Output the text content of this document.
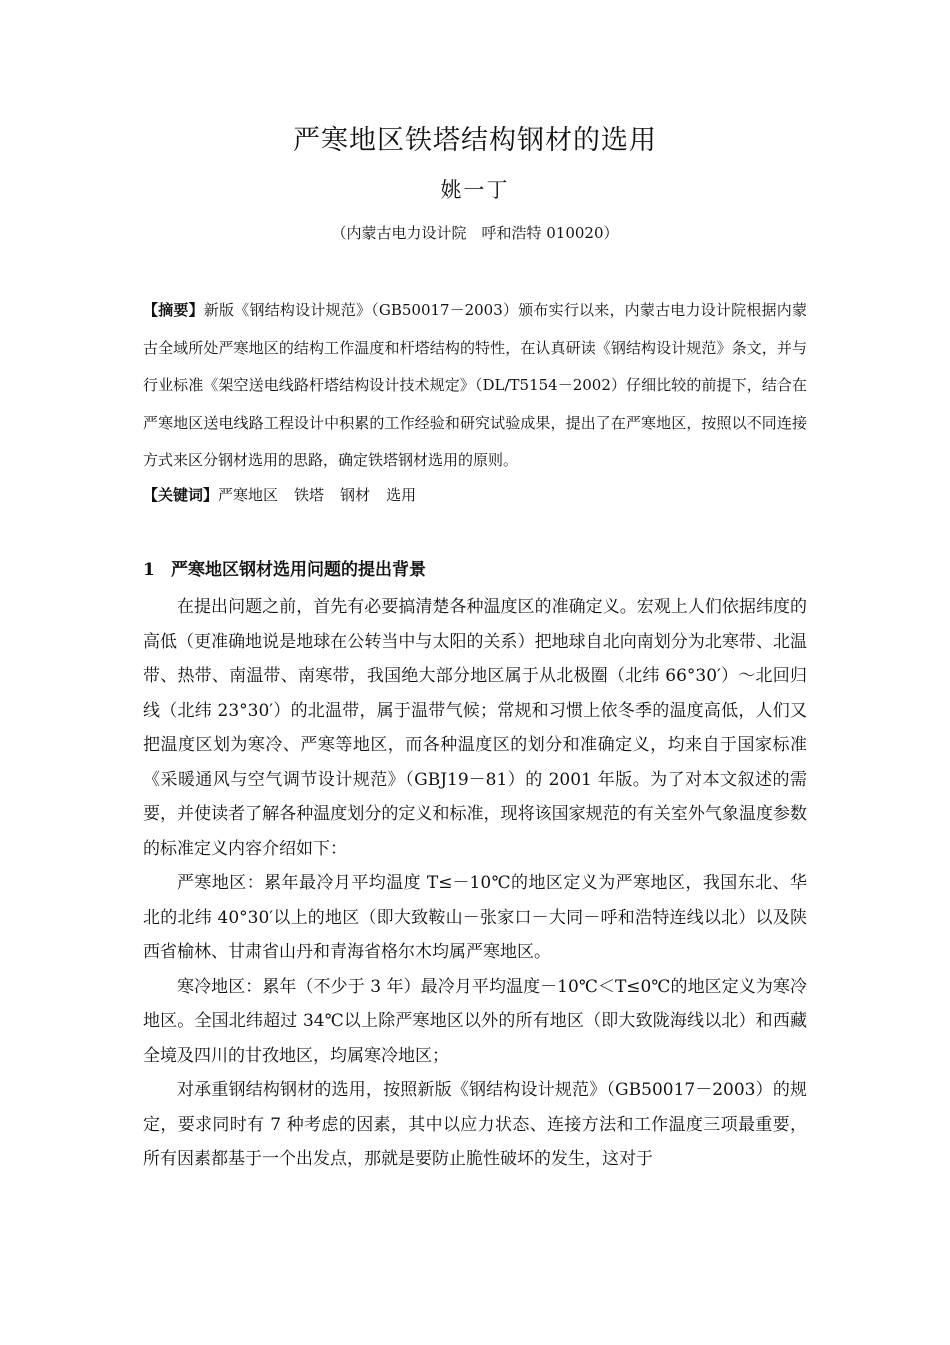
严寒地区铁塔结构钢材的选用
姚一丁
（内蒙古电力设计院　呼和浩特 010020）
【摘要】新版《钢结构设计规范》（GB50017－2003）颁布实行以来，内蒙古电力设计院根据内蒙古全域所处严寒地区的结构工作温度和杆塔结构的特性，在认真研读《钢结构设计规范》条文，并与行业标准《架空送电线路杆塔结构设计技术规定》（DL/T5154－2002）仔细比较的前提下，结合在严寒地区送电线路工程设计中积累的工作经验和研究试验成果，提出了在严寒地区，按照以不同连接方式来区分钢材选用的思路，确定铁塔钢材选用的原则。
【关键词】严寒地区 铁塔 钢材 选用
1 严寒地区钢材选用问题的提出背景

在提出问题之前，首先有必要搞清楚各种温度区的准确定义。宏观上人们依据纬度的高低（更准确地说是地球在公转当中与太阳的关系）把地球自北向南划分为北寒带、北温带、热带、南温带、南寒带，我国绝大部分地区属于从北极圈（北纬 66°30′）～北回归线（北纬 23°30′）的北温带，属于温带气候；常规和习惯上依冬季的温度高低，人们又把温度区划为寒冷、严寒等地区，而各种温度区的划分和准确定义，均来自于国家标准《采暖通风与空气调节设计规范》（GBJ19－81）的 2001 年版。为了对本文叙述的需要，并使读者了解各种温度划分的定义和标准，现将该国家规范的有关室外气象温度参数的标准定义内容介绍如下：

严寒地区：累年最冷月平均温度 T≤－10℃的地区定义为严寒地区，我国东北、华北的北纬 40°30′以上的地区（即大致鞍山－张家口－大同－呼和浩特连线以北）以及陕西省榆林、甘肃省山丹和青海省格尔木均属严寒地区。

寒冷地区：累年（不少于 3 年）最冷月平均温度－10℃＜T≤0℃的地区定义为寒冷地区。全国北纬超过 34℃以上除严寒地区以外的所有地区（即大致陇海线以北）和西藏全境及四川的甘孜地区，均属寒冷地区；

对承重钢结构钢材的选用，按照新版《钢结构设计规范》（GB50017－2003）的规定，要求同时有 7 种考虑的因素，其中以应力状态、连接方法和工作温度三项最重要，所有因素都基于一个出发点，那就是要防止脆性破坏的发生，这对于
